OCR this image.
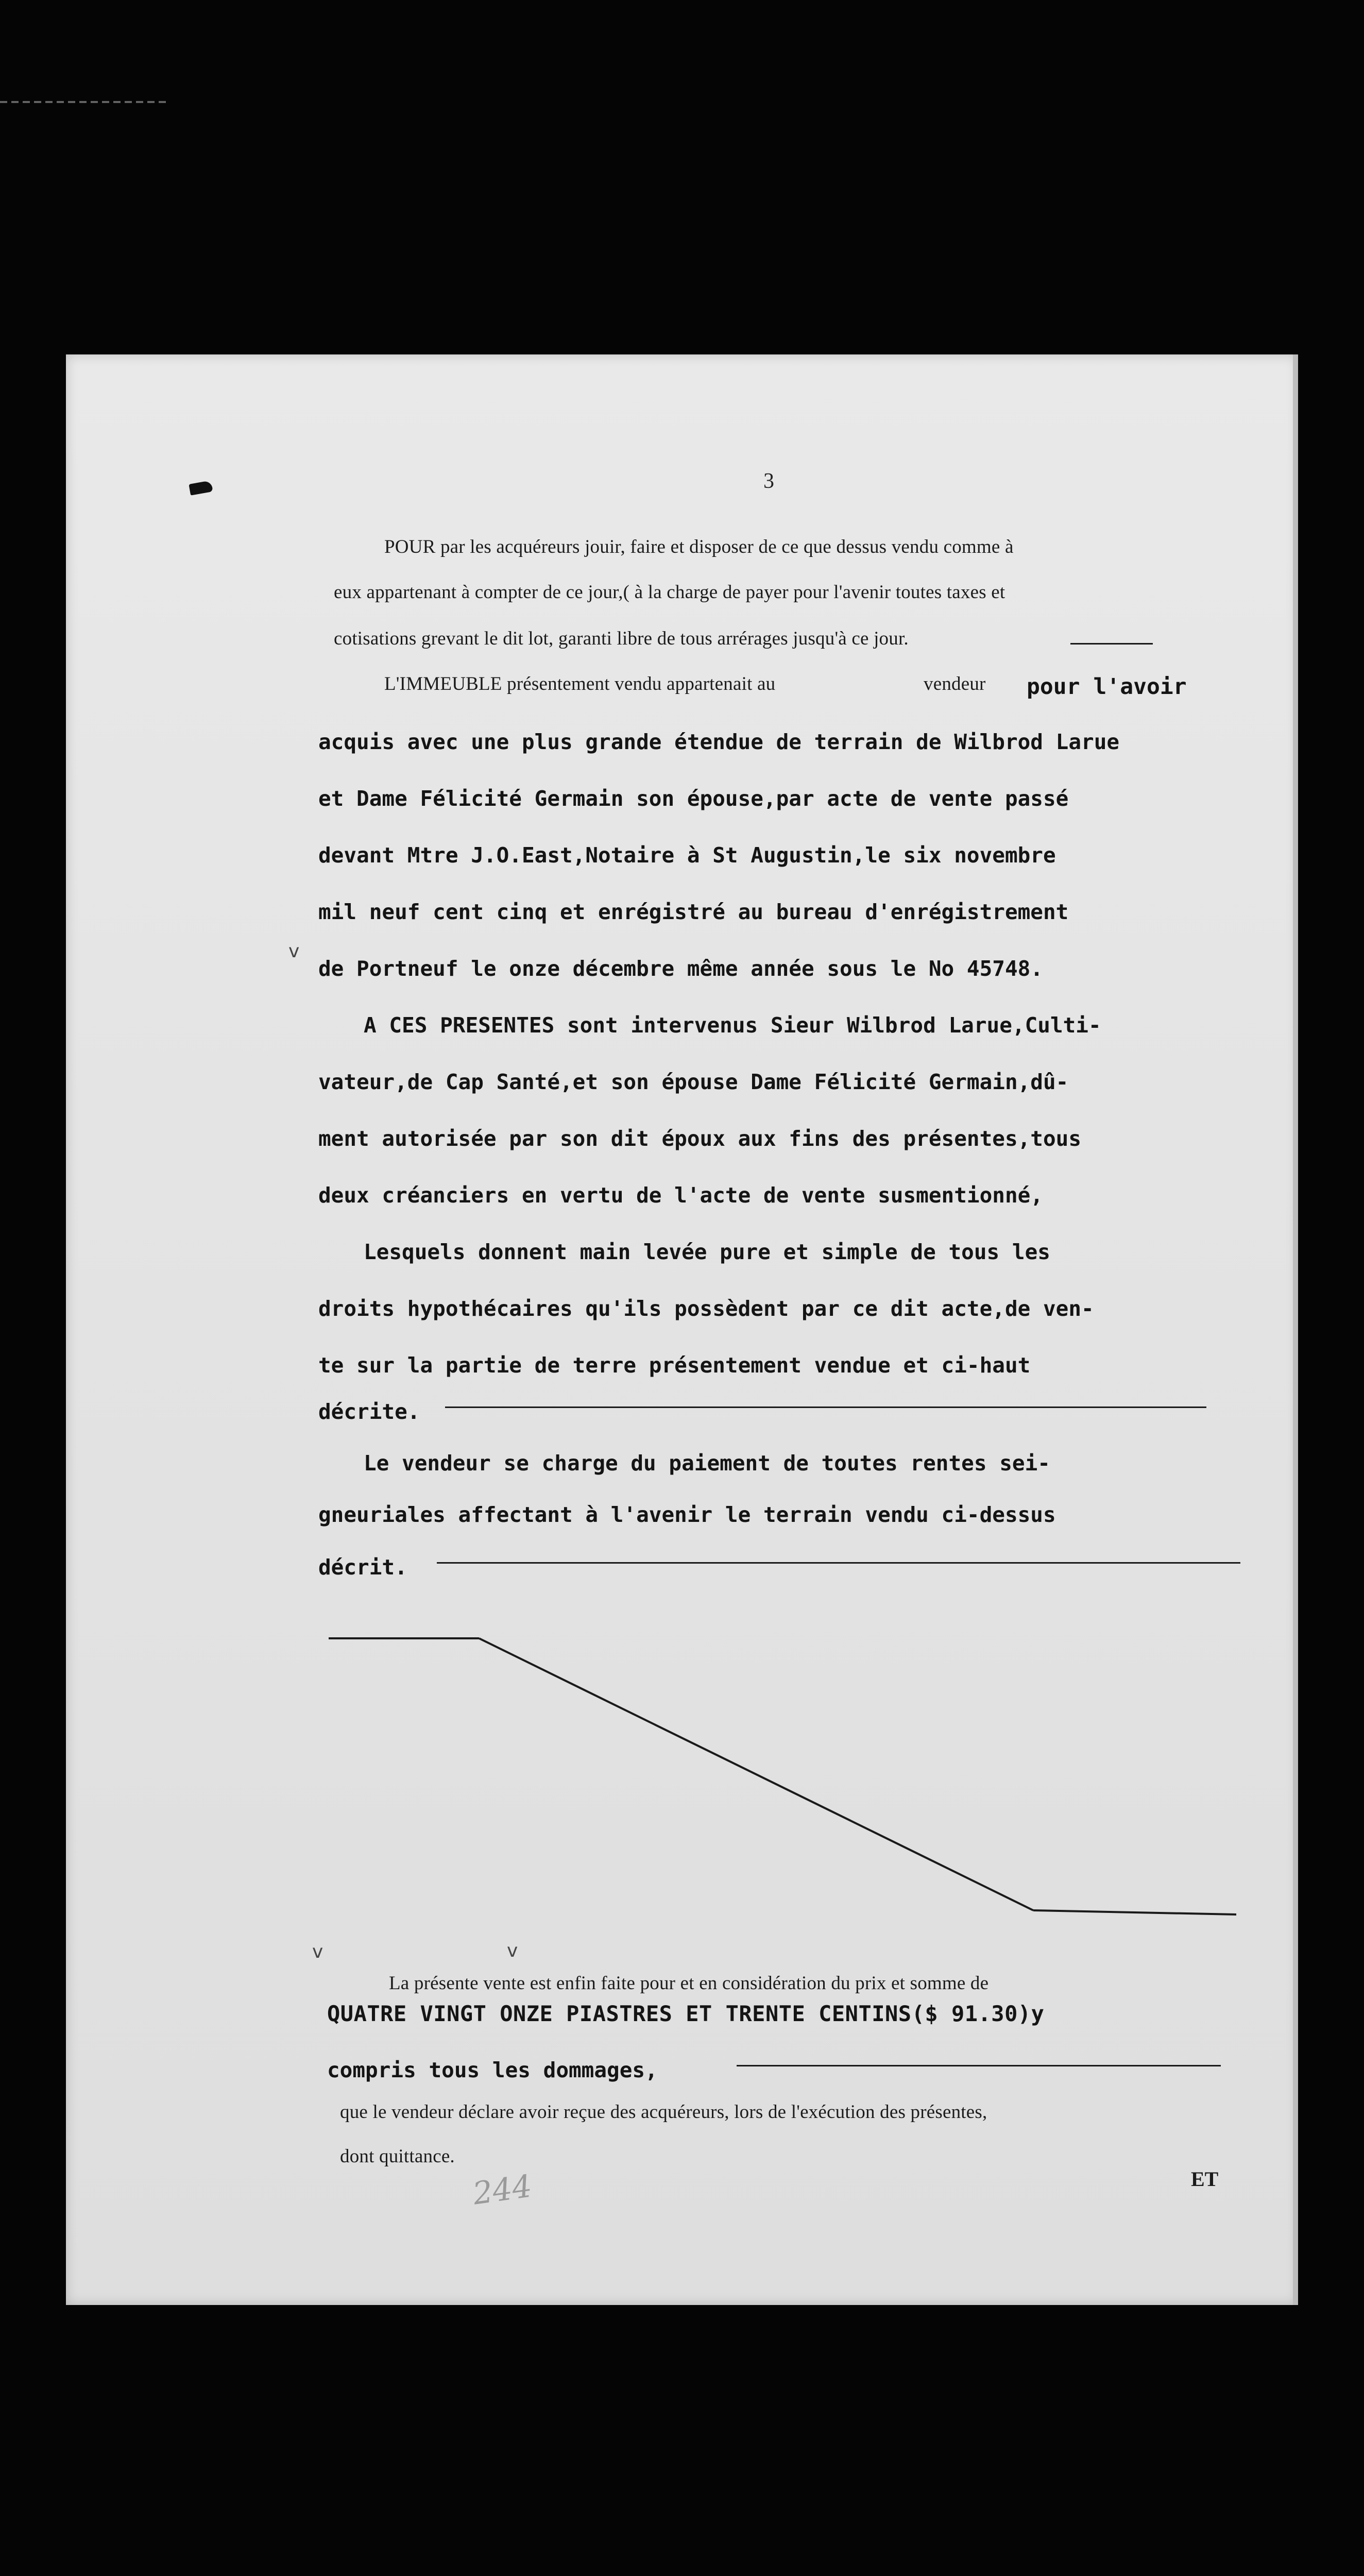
3
POUR par les acquéreurs jouir, faire et disposer de ce que dessus vendu comme à
eux appartenant à compter de ce jour,( à la charge de payer pour l'avenir toutes taxes et
cotisations grevant le dit lot, garanti libre de tous arrérages jusqu'à ce jour.
L'IMMEUBLE présentement vendu appartenait au	vendeur pour l'avoir
acquis avec une plus grande étendue de terrain de Wilbrod Larue
et Dame Félicité Germain son épouse,par acte de vente passé
devant Mtre J.O.East,Notaire à St Augustin,le six novembre
mil neuf cent cinq et enrégistré au bureau d'enrégistrement
v
de Portneuf le onze décembre même année sous le No 45748.
A CES PRESENTES sont intervenus Sieur Wilbrod Larue,Culti-
vateur,de Cap Santé,et son épouse Dame Félicité Germain,dû-
ment autorisée par son dit époux aux fins des présentes,tous
deux créanciers en vertu de l'acte de vente susmentionné,
Lesquels donnent main levée pure et simple de tous les
droits hypothécaires qu'ils possèdent par ce dit acte,de ven-
te sur la partie de terre présentement vendue et ci-haut
décrite.
Le vendeur se charge du paiement de toutes rentes sei-
gneuriales affectant à l'avenir le terrain vendu ci-dessus
décrit.
v	v
La présente vente est enfin faite pour et en considération du prix et somme de
QUATRE VINGT ONZE PIASTRES ET TRENTE CENTINS($ 91.30)y
compris tous les dommages,
que le vendeur déclare avoir reçue des acquéreurs, lors de l'exécution des présentes,
dont quittance.
244	ET
